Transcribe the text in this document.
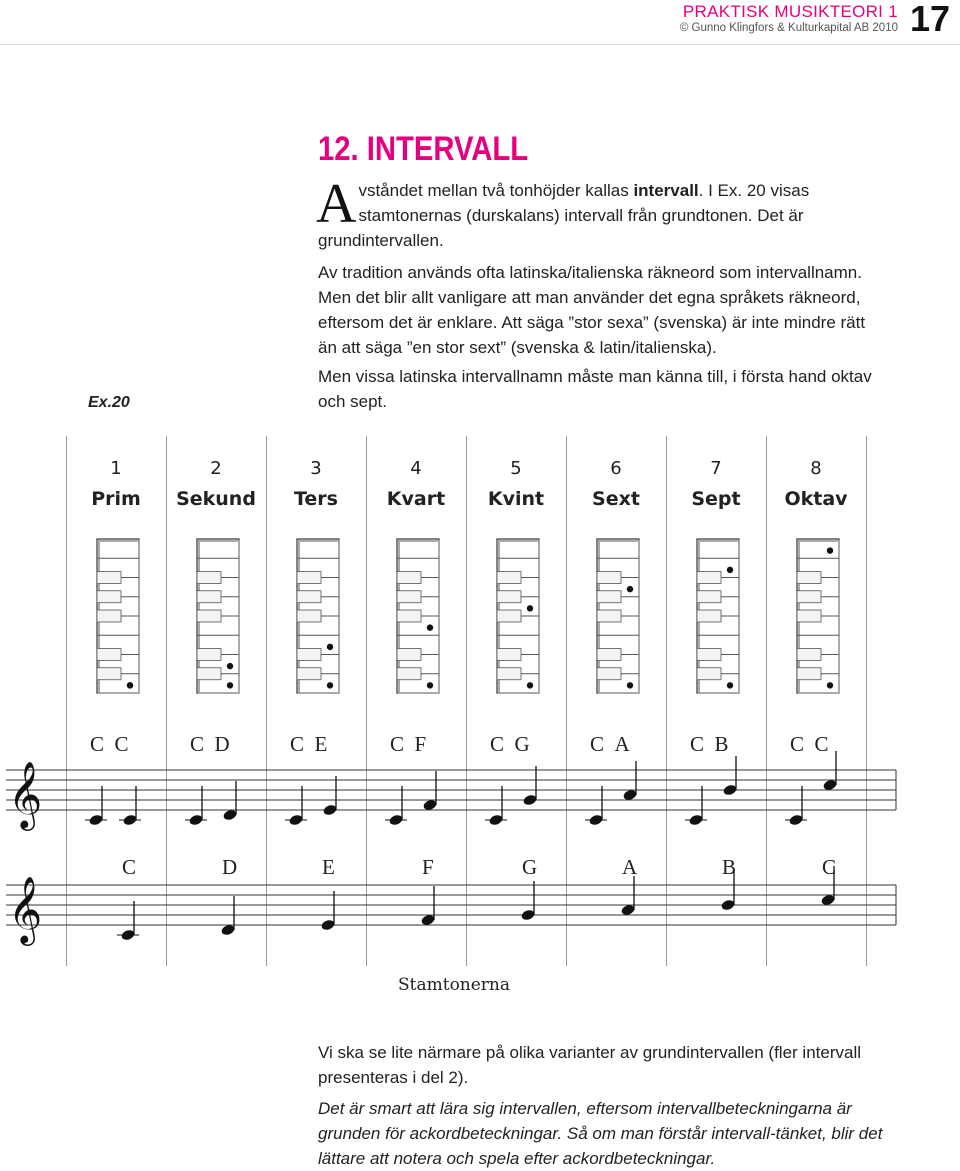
PRAKTISK MUSIKTEORI 1
© Gunno Klingfors & Kulturkapital AB 2010 17
12. INTERVALL

Avståndet mellan två tonhöjder kallas intervall. I Ex. 20 visas stamtonernas (durskalans) intervall från grundtonen. Det är grundintervallen.

Av tradition används ofta latinska/italienska räkneord som intervallnamn. Men det blir allt vanligare att man använder det egna språkets räkneord, eftersom det är enklare. Att säga ”stor sexa” (svenska) är inte mindre rätt än att säga ”en stor sext” (svenska & latin/italienska).

Men vissa latinska intervallnamn måste man känna till, i första hand oktav och sept.

Ex.20
1
Prim
C C
C
2
Sekund
C D
D
3
Ters
C E
E
4
Kvart
C F
F
5
Kvint
C G
G
6
Sext
C A
A
7
Sept
C B
B
8
Oktav
C C
C
𝄞
𝄞
Stamtonerna

Vi ska se lite närmare på olika varianter av grundintervallen (fler intervall presenteras i del 2).

Det är smart att lära sig intervallen, eftersom intervallbeteckningarna är grunden för ackordbeteckningar. Så om man förstår intervall-tänket, blir det lättare att notera och spela efter ackordbeteckningar.
